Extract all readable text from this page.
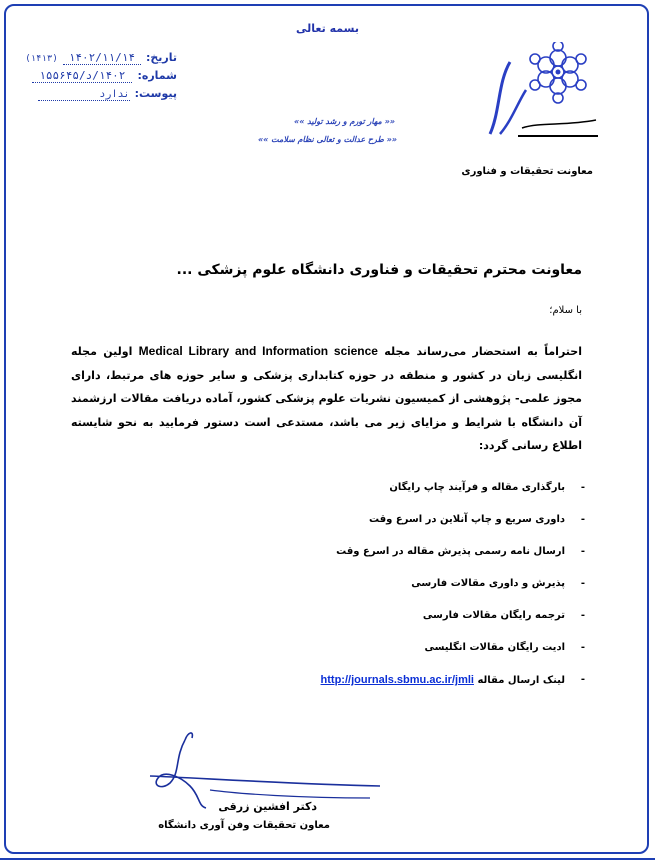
بسمه تعالی
تاریخ: ۱۴۰۲/۱۱/۱۴ (۱۴۱۳)
شماره: ۱۴۰۲/د/۱۵۵۶۴۵
پیوست: ندارد
«« مهار تورم و رشد تولید »»
«« طرح عدالت و تعالی نظام سلامت »»
معاونت تحقیقات و فناوری
معاونت محترم تحقیقات و فناوری دانشگاه علوم پزشکی ...
با سلام؛
احتراماً به استحضار می‌رساند مجله Medical Library and Information science اولین مجله انگلیسی زبان در کشور و منطقه در حوزه کتابداری پزشکی و سایر حوزه های مرتبط، دارای مجوز علمی- پژوهشی از کمیسیون نشریات علوم پزشکی کشور، آماده دریافت مقالات ارزشمند آن دانشگاه با شرایط و مزایای زیر می باشد، مستدعی است دستور فرمایید به نحو شایسته اطلاع رسانی گردد:
-
بارگذاری مقاله و فرآیند چاپ رایگان
-
داوری سریع و چاپ آنلاین در اسرع وقت
-
ارسال نامه رسمی پذیرش مقاله در اسرع وقت
-
پذیرش و داوری مقالات فارسی
-
ترجمه رایگان مقالات فارسی
-
ادیت رایگان مقالات انگلیسی
-
لینک ارسال مقاله http://journals.sbmu.ac.ir/jmli
دکتر افشین زرقی
معاون تحقیقات وفن آوری دانشگاه
